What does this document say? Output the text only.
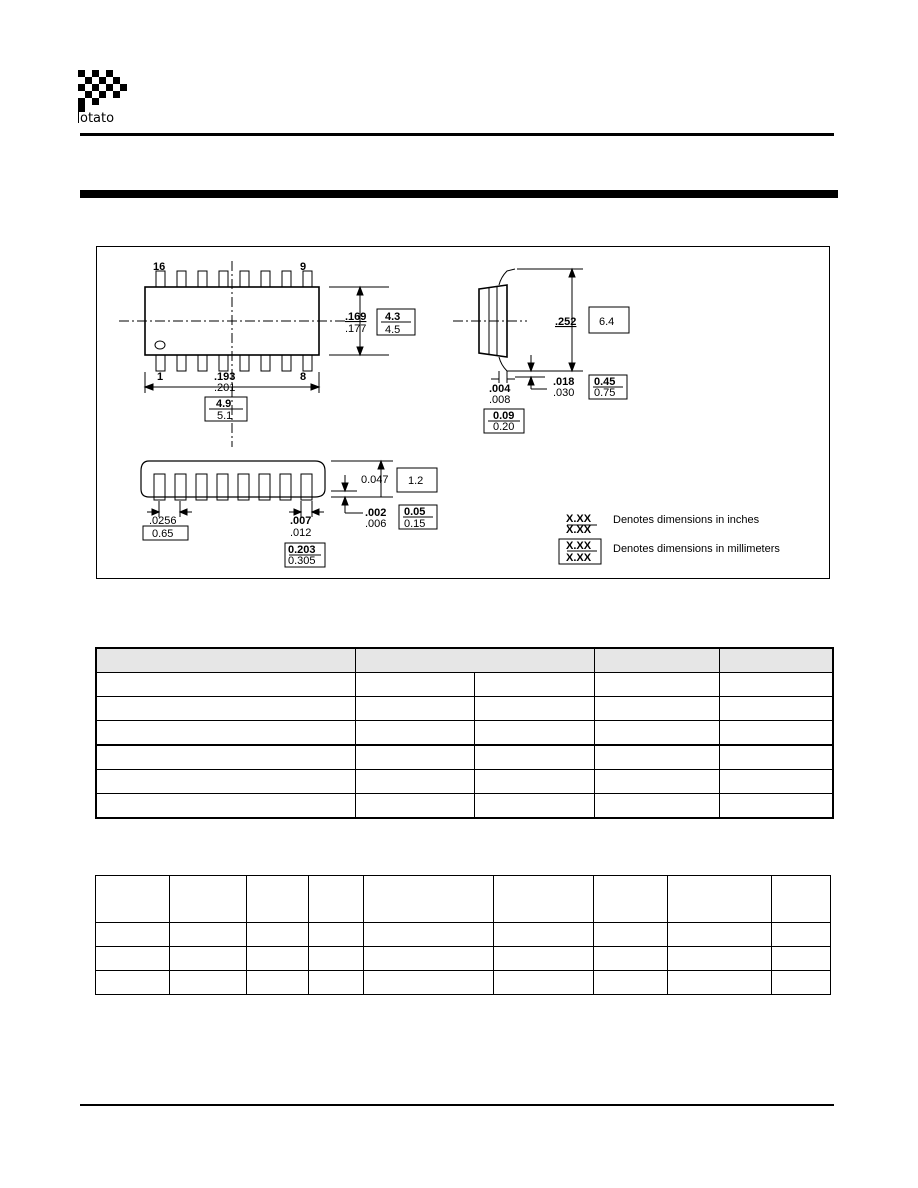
otato
16	9
1	8
.169
.177
4.3
4.5
.193
.201
4.9
5.1
.252 6.4
.004
.008
0.09
0.20
.018
.030
0.45
0.75
0.047 1.2
.002
.006
0.05
0.15
.0256
0.65
.007
.012
0.203
0.305
X.XX
X.XX
Denotes dimensions in inches
X.XX
X.XX
Denotes dimensions in millimeters
